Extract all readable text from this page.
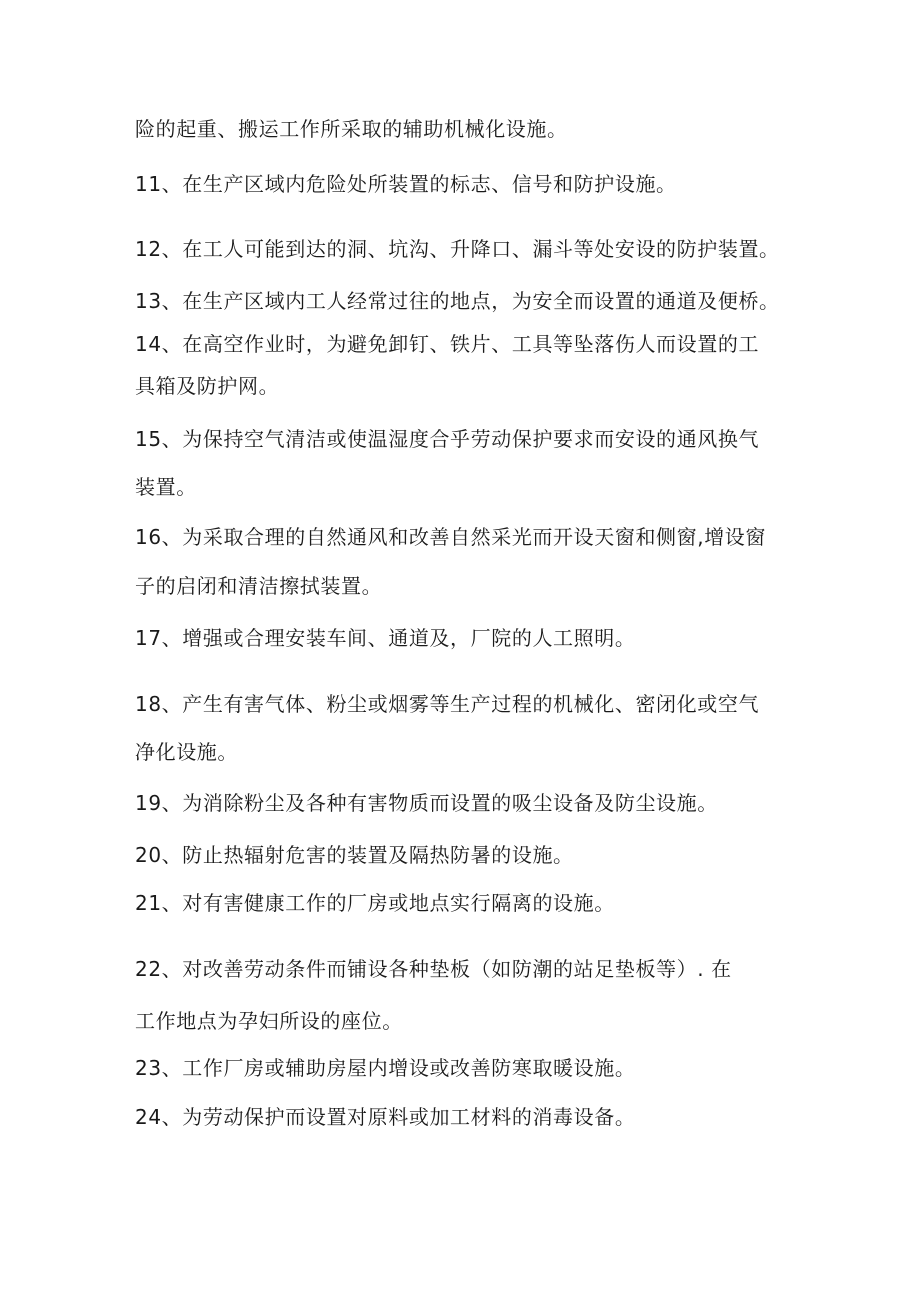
险的起重、搬运工作所采取的辅助机械化设施。
11、在生产区域内危险处所装置的标志、信号和防护设施。
12、在工人可能到达的洞、坑沟、升降口、漏斗等处安设的防护装置。
13、在生产区域内工人经常过往的地点，为安全而设置的通道及便桥。
14、在高空作业时，为避免卸钉、铁片、工具等坠落伤人而设置的工
具箱及防护网。
15、为保持空气清洁或使温湿度合乎劳动保护要求而安设的通风换气
装置。
16、为采取合理的自然通风和改善自然采光而开设天窗和侧窗,增设窗
子的启闭和清洁擦拭装置。
17、增强或合理安装车间、通道及，厂院的人工照明。
18、产生有害气体、粉尘或烟雾等生产过程的机械化、密闭化或空气
净化设施。
19、为消除粉尘及各种有害物质而设置的吸尘设备及防尘设施。
20、防止热辐射危害的装置及隔热防暑的设施。
21、对有害健康工作的厂房或地点实行隔离的设施。
22、对改善劳动条件而铺设各种垫板（如防潮的站足垫板等）. 在
工作地点为孕妇所设的座位。
23、工作厂房或辅助房屋内增设或改善防寒取暖设施。
24、为劳动保护而设置对原料或加工材料的消毒设备。
